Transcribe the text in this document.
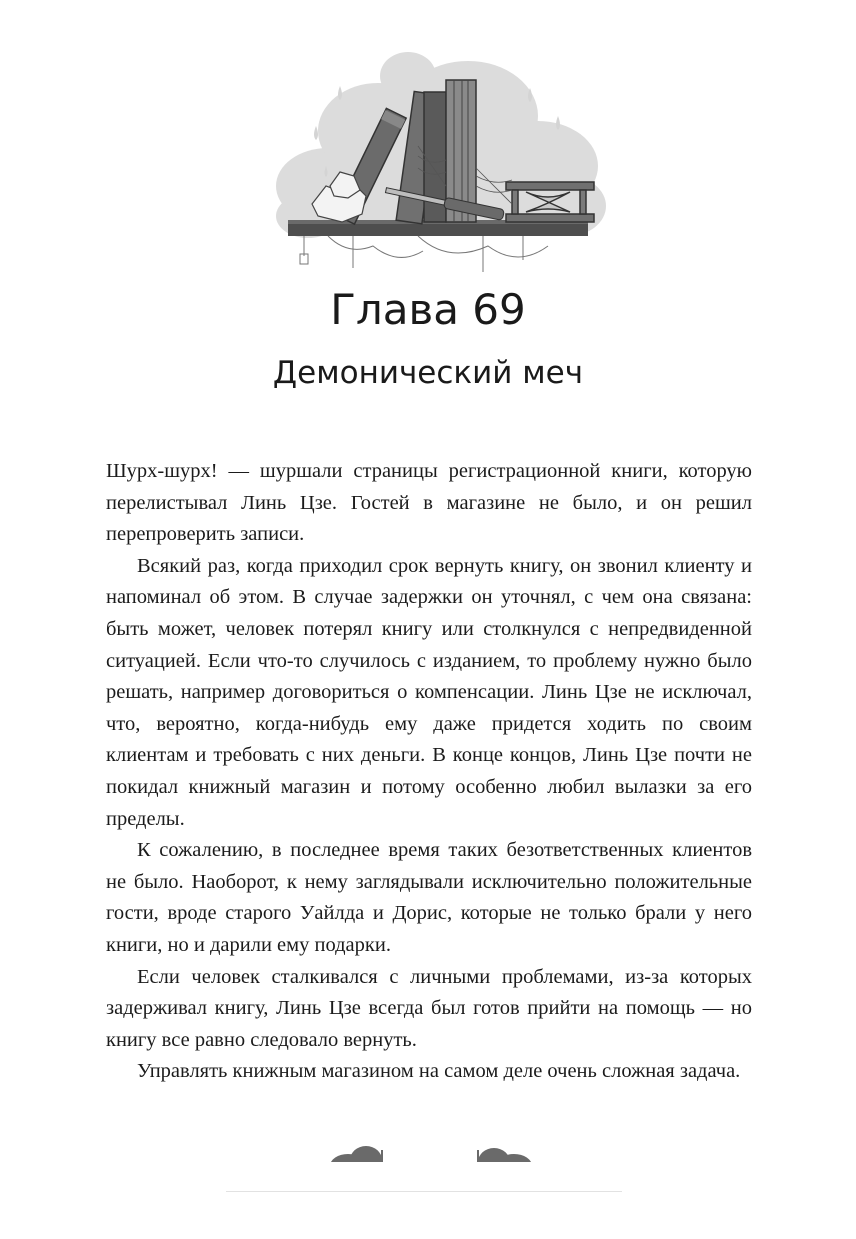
Глава 69
Демонический меч

Шурх-шурх! — шуршали страницы регистрационной книги, которую перелистывал Линь Цзе. Гостей в магазине не было, и он решил перепроверить записи.

Всякий раз, когда приходил срок вернуть книгу, он звонил клиенту и напоминал об этом. В случае задержки он уточнял, с чем она связана: быть может, человек потерял книгу или столкнулся с непредвиденной ситуацией. Если что-то случилось с изданием, то проблему нужно было решать, например договориться о компенсации. Линь Цзе не исключал, что, вероятно, когда-нибудь ему даже придется ходить по своим клиентам и требовать с них деньги. В конце концов, Линь Цзе почти не покидал книжный магазин и потому особенно любил вылазки за его пределы.

К сожалению, в последнее время таких безответственных клиентов не было. Наоборот, к нему заглядывали исключительно положительные гости, вроде старого Уайлда и Дорис, которые не только брали у него книги, но и дарили ему подарки.

Если человек сталкивался с личными проблемами, из-за которых задерживал книгу, Линь Цзе всегда был готов прийти на помощь — но книгу все равно следовало вернуть.

Управлять книжным магазином на самом деле очень сложная задача.
